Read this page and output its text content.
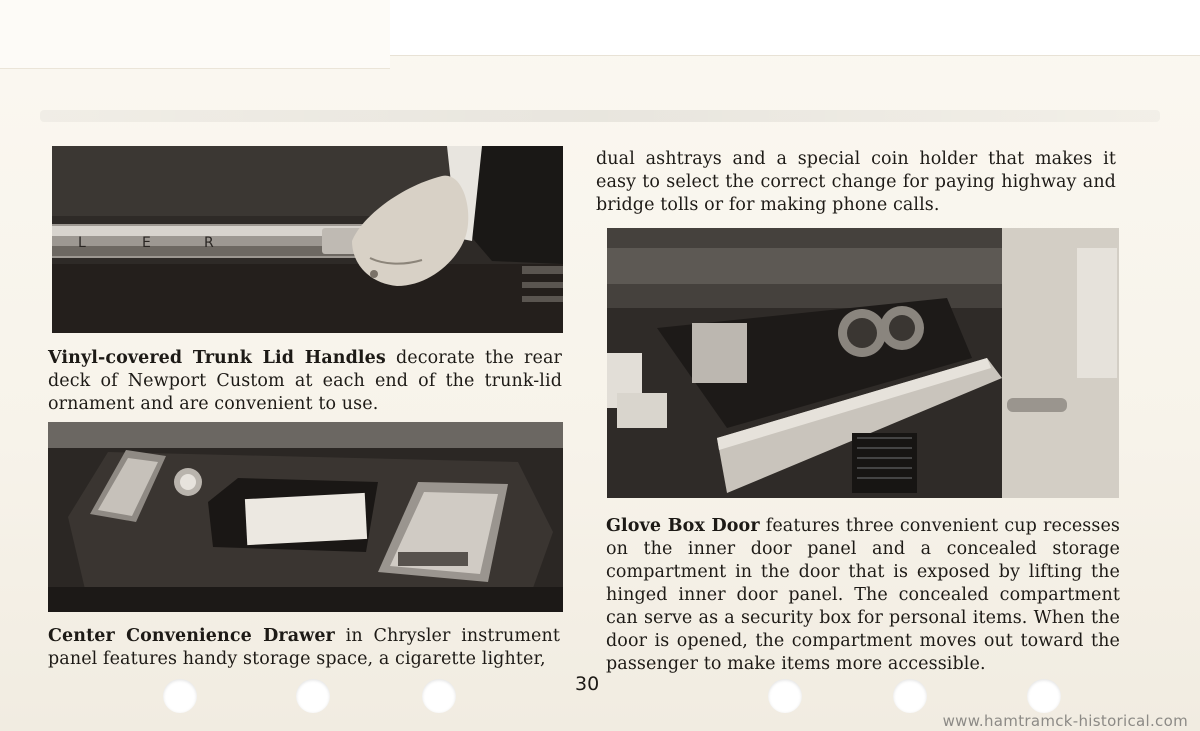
L	E	R
Vinyl-covered Trunk Lid Handles decorate the rear deck of Newport Custom at each end of the trunk-lid ornament and are convenient to use.
Center Convenience Drawer in Chrysler instrument panel features handy storage space, a cigarette lighter,
dual ashtrays and a special coin holder that makes it easy to select the correct change for paying highway and bridge tolls or for making phone calls.
Glove Box Door features three convenient cup recesses on the inner door panel and a concealed storage compartment in the door that is exposed by lifting the hinged inner door panel. The concealed compartment can serve as a security box for personal items. When the door is opened, the compartment moves out toward the passenger to make items more accessible.
30
www.hamtramck-historical.com
